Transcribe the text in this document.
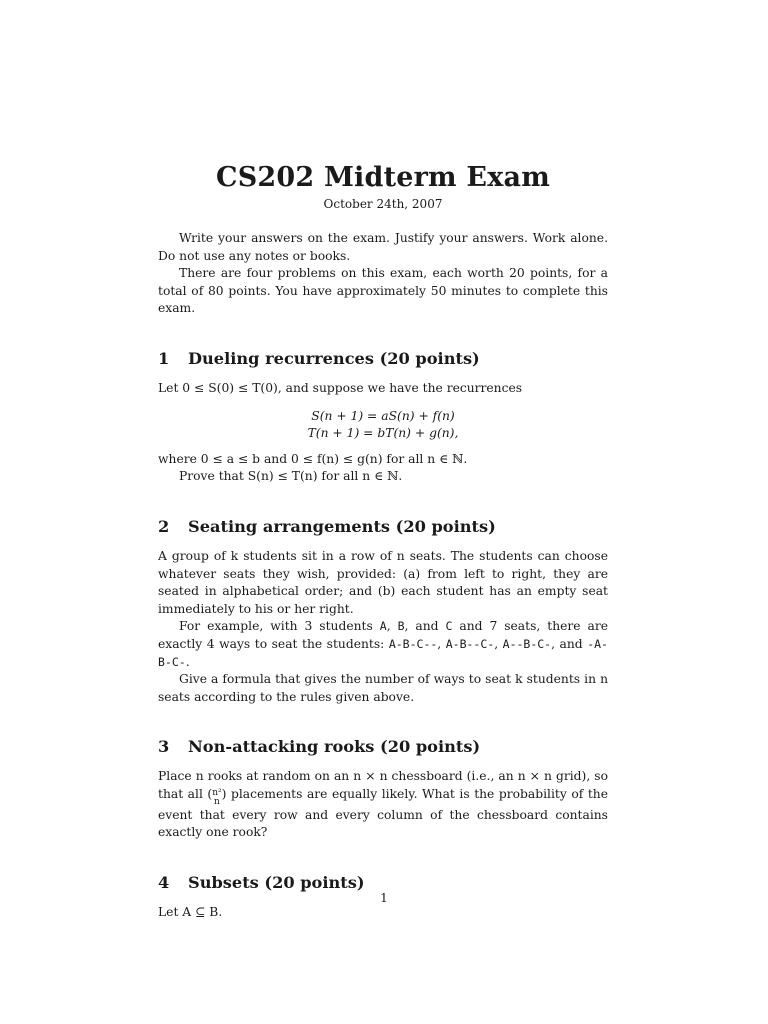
CS202 Midterm Exam
October 24th, 2007

Write your answers on the exam. Justify your answers. Work alone. Do not use any notes or books.

There are four problems on this exam, each worth 20 points, for a total of 80 points. You have approximately 50 minutes to complete this exam.

1	Dueling recurrences (20 points)

Let 0 ≤ S(0) ≤ T(0), and suppose we have the recurrences

S(n + 1) = aS(n) + f(n)
T(n + 1) = bT(n) + g(n),

where 0 ≤ a ≤ b and 0 ≤ f(n) ≤ g(n) for all n ∈ ℕ.

Prove that S(n) ≤ T(n) for all n ∈ ℕ.

2	Seating arrangements (20 points)

A group of k students sit in a row of n seats. The students can choose whatever seats they wish, provided: (a) from left to right, they are seated in alphabetical order; and (b) each student has an empty seat immediately to his or her right.

For example, with 3 students A, B, and C and 7 seats, there are exactly 4 ways to seat the students: A-B-C--, A-B--C-, A--B-C-, and -A-B-C-.

Give a formula that gives the number of ways to seat k students in n seats according to the rules given above.

3	Non-attacking rooks (20 points)

Place n rooks at random on an n × n chessboard (i.e., an n × n grid), so that all (n²
n) placements are equally likely. What is the probability of the event that every row and every column of the chessboard contains exactly one rook?

4	Subsets (20 points)

Let A ⊆ B.

1
